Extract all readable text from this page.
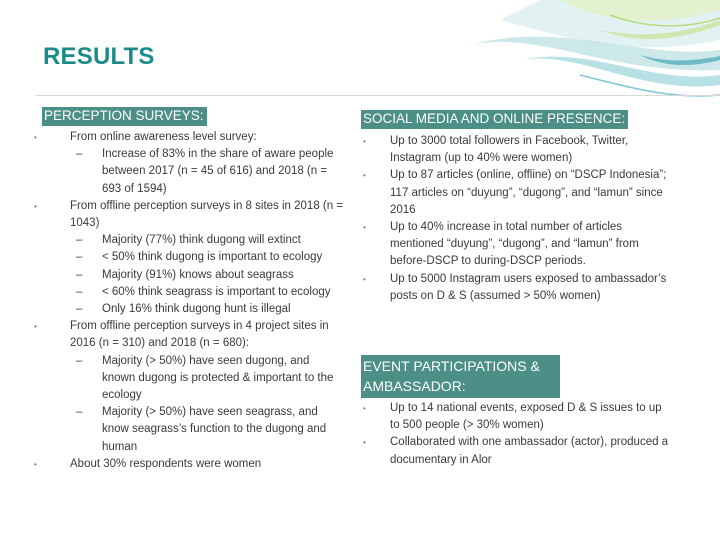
RESULTS
PERCEPTION SURVEYS:
•	From online awareness level survey:
– Increase of 83% in the share of aware people between 2017 (n = 45 of 616) and 2018 (n = 693 of 1594)
•	From offline perception surveys in 8 sites in 2018 (n = 1043)
– Majority (77%) think dugong will extinct
– < 50% think dugong is important to ecology
– Majority (91%) knows about seagrass
– < 60% think seagrass is important to ecology
– Only 16% think dugong hunt is illegal
•	From offline perception surveys in 4 project sites in 2016 (n = 310) and 2018 (n = 680):
– Majority (> 50%) have seen dugong, and known dugong is protected & important to the ecology
– Majority (> 50%) have seen seagrass, and know seagrass’s function to the dugong and human
•	About 30% respondents were women
SOCIAL MEDIA AND ONLINE PRESENCE:
•	Up to 3000 total followers in Facebook, Twitter, Instagram (up to 40% were women)
•	Up to 87 articles (online, offline) on “DSCP Indonesia”; 117 articles on “duyung”, “dugong”, and “lamun” since 2016
•	Up to 40% increase in total number of articles mentioned “duyung”, “dugong”, and “lamun” from before-DSCP to during-DSCP periods.
•	Up to 5000 Instagram users exposed to ambassador’s posts on D & S (assumed > 50% women)
EVENT PARTICIPATIONS & AMBASSADOR:
•	Up to 14 national events, exposed D & S issues to up to 500 people (> 30% women)
•	Collaborated with one ambassador (actor), produced a documentary in Alor
